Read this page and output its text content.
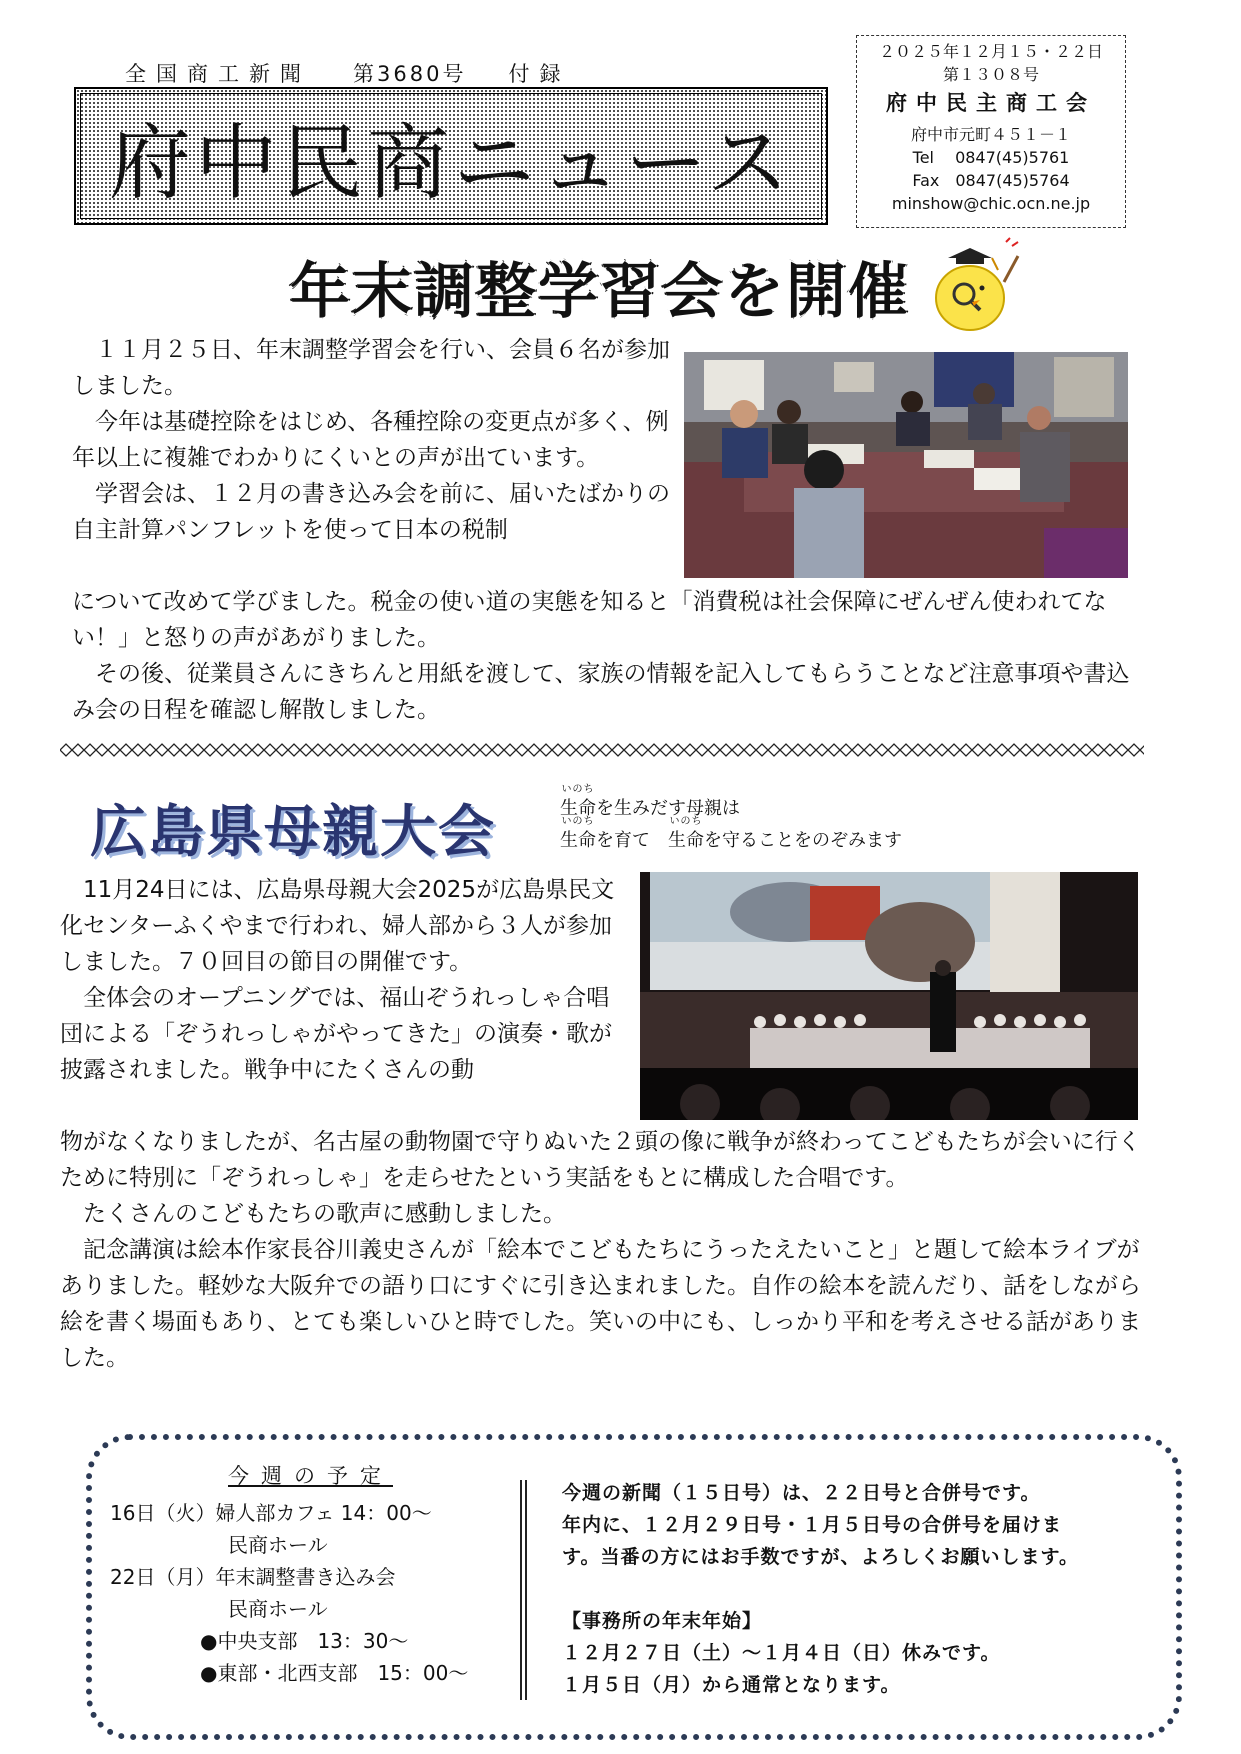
全国商工新聞 第3680号 付録
府中民商ニュース
２０２５年１２月１５・２２日
第１３０８号
府中民主商工会
府中市元町４５１－１
Tel　 0847(45)5761
Fax　0847(45)5764
minshow@chic.ocn.ne.jp
年末調整学習会を開催
　１１月２５日、年末調整学習会を行い、会員６名が参加しました。
　今年は基礎控除をはじめ、各種控除の変更点が多く、例年以上に複雑でわかりにくいとの声が出ています。
　学習会は、１２月の書き込み会を前に、届いたばかりの自主計算パンフレットを使って日本の税制
について改めて学びました。税金の使い道の実態を知ると「消費税は社会保障にぜんぜん使われてない！」と怒りの声があがりました。
　その後、従業員さんにきちんと用紙を渡して、家族の情報を記入してもらうことなど注意事項や書込み会の日程を確認し解散しました。
広島県母親大会
いのち
生命を生みだす母親は
いのち
生命を育て　
いのち
生命を守ることをのぞみます
　11月24日には、広島県母親大会2025が広島県民文化センターふくやまで行われ、婦人部から３人が参加しました。７０回目の節目の開催です。
　全体会のオープニングでは、福山ぞうれっしゃ合唱団による「ぞうれっしゃがやってきた」の演奏・歌が披露されました。戦争中にたくさんの動
物がなくなりましたが、名古屋の動物園で守りぬいた２頭の像に戦争が終わってこどもたちが会いに行くために特別に「ぞうれっしゃ」を走らせたという実話をもとに構成した合唱です。
　たくさんのこどもたちの歌声に感動しました。
　記念講演は絵本作家長谷川義史さんが「絵本でこどもたちにうったえたいこと」と題して絵本ライブがありました。軽妙な大阪弁での語り口にすぐに引き込まれました。自作の絵本を読んだり、話をしながら絵を書く場面もあり、とても楽しいひと時でした。笑いの中にも、しっかり平和を考えさせる話がありました。
今週の予定
16日（火）婦人部カフェ 14：00～
民商ホール
22日（月）年末調整書き込み会
民商ホール
●中央支部　13：30～
●東部・北西支部　15：00～
今週の新聞（１５日号）は、２２日号と合併号です。
年内に、１２月２９日号・１月５日号の合併号を届けま
す。当番の方にはお手数ですが、よろしくお願いします。
【事務所の年末年始】
１２月２７日（土）～１月４日（日）休みです。
１月５日（月）から通常となります。
